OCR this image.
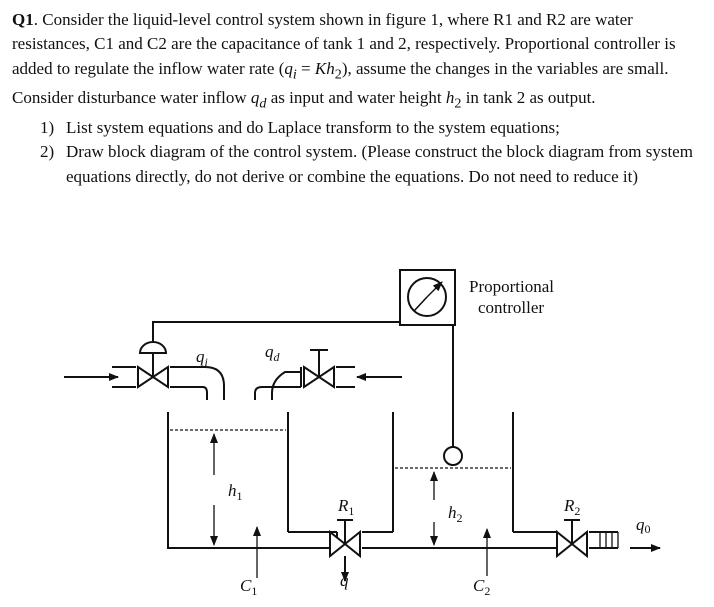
Q1. Consider the liquid-level control system shown in figure 1, where R1 and R2 are water resistances, C1 and C2 are the capacitance of tank 1 and 2, respectively. Proportional controller is added to regulate the inflow water rate $(q_i = Kh_2)$, assume the changes in the variables are small. Consider disturbance water inflow $q_d$ as input and water height $h_2$ in tank 2 as output.

1) List system equations and do Laplace transform to the system equations;

2) Draw block diagram of the control system. (Please construct the block diagram from system equations directly, do not derive or combine the equations. Do not need to reduce it)

Proportional
controller
$q_i$
$q_d$
$h_1$
$h_2$
$R_1$	$R_2$
$C_1$	$C_2$
q
q0
